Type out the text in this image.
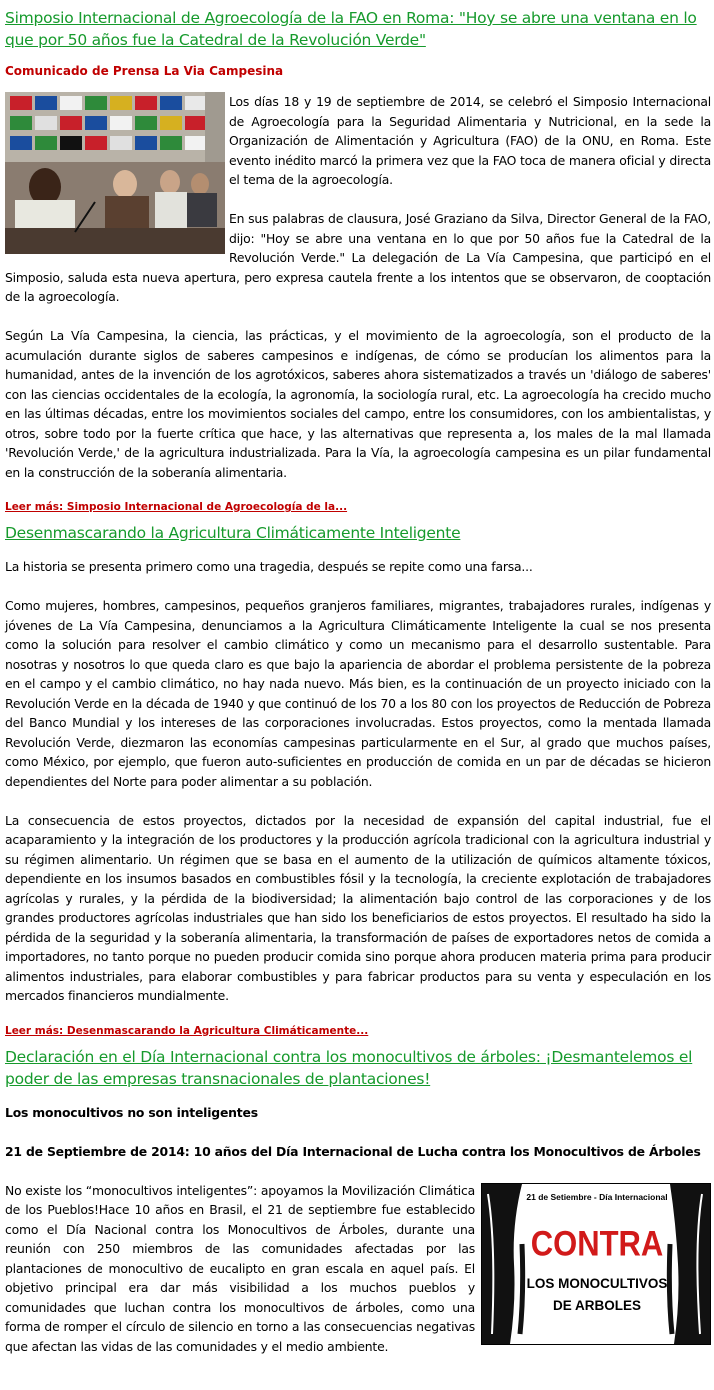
Simposio Internacional de Agroecología de la FAO en Roma: "Hoy se abre una ventana en lo que por 50 años fue la Catedral de la Revolución Verde"
Comunicado de Prensa La Via Campesina

Los días 18 y 19 de septiembre de 2014, se celebró el Simposio Internacional de Agroecología para la Seguridad Alimentaria y Nutricional, en la sede la Organización de Alimentación y Agricultura (FAO) de la ONU, en Roma. Este evento inédito marcó la primera vez que la FAO toca de manera oficial y directa el tema de la agroecología.

En sus palabras de clausura, José Graziano da Silva, Director General de la FAO, dijo: "Hoy se abre una ventana en lo que por 50 años fue la Catedral de la Revolución Verde." La delegación de La Vía Campesina, que participó en el Simposio, saluda esta nueva apertura, pero expresa cautela frente a los intentos que se observaron, de cooptación de la agroecología.

Según La Vía Campesina, la ciencia, las prácticas, y el movimiento de la agroecología, son el producto de la acumulación durante siglos de saberes campesinos e indígenas, de cómo se producían los alimentos para la humanidad, antes de la invención de los agrotóxicos, saberes ahora sistematizados a través un 'diálogo de saberes' con las ciencias occidentales de la ecología, la agronomía, la sociología rural, etc. La agroecología ha crecido mucho en las últimas décadas, entre los movimientos sociales del campo, entre los consumidores, con los ambientalistas, y otros, sobre todo por la fuerte crítica que hace, y las alternativas que representa a, los males de la mal llamada 'Revolución Verde,' de la agricultura industrializada. Para la Vía, la agroecología campesina es un pilar fundamental en la construcción de la soberanía alimentaria.

Leer más: Simposio Internacional de Agroecología de la...
Desenmascarando la Agricultura Climáticamente Inteligente

La historia se presenta primero como una tragedia, después se repite como una farsa...

Como mujeres, hombres, campesinos, pequeños granjeros familiares, migrantes, trabajadores rurales, indígenas y jóvenes de La Vía Campesina, denunciamos a la Agricultura Climáticamente Inteligente la cual se nos presenta como la solución para resolver el cambio climático y como un mecanismo para el desarrollo sustentable. Para nosotras y nosotros lo que queda claro es que bajo la apariencia de abordar el problema persistente de la pobreza en el campo y el cambio climático, no hay nada nuevo. Más bien, es la continuación de un proyecto iniciado con la Revolución Verde en la década de 1940 y que continuó de los 70 a los 80 con los proyectos de Reducción de Pobreza del Banco Mundial y los intereses de las corporaciones involucradas. Estos proyectos, como la mentada llamada Revolución Verde, diezmaron las economías campesinas particularmente en el Sur, al grado que muchos países, como México, por ejemplo, que fueron auto-suficientes en producción de comida en un par de décadas se hicieron dependientes del Norte para poder alimentar a su población.

La consecuencia de estos proyectos, dictados por la necesidad de expansión del capital industrial, fue el acaparamiento y la integración de los productores y la producción agrícola tradicional con la agricultura industrial y su régimen alimentario. Un régimen que se basa en el aumento de la utilización de químicos altamente tóxicos, dependiente en los insumos basados en combustibles fósil y la tecnología, la creciente explotación de trabajadores agrícolas y rurales, y la pérdida de la biodiversidad; la alimentación bajo control de las corporaciones y de los grandes productores agrícolas industriales que han sido los beneficiarios de estos proyectos. El resultado ha sido la pérdida de la seguridad y la soberanía alimentaria, la transformación de países de exportadores netos de comida a importadores, no tanto porque no pueden producir comida sino porque ahora producen materia prima para producir alimentos industriales, para elaborar combustibles y para fabricar productos para su venta y especulación en los mercados financieros mundialmente.

Leer más: Desenmascarando la Agricultura Climáticamente...
Declaración en el Día Internacional contra los monocultivos de árboles: ¡Desmantelemos el poder de las empresas transnacionales de plantaciones!
Los monocultivos no son inteligentes
21 de Septiembre de 2014: 10 años del Día Internacional de Lucha contra los Monocultivos de Árboles
21 de Setiembre - Día Internacional
CONTRA
LOS MONOCULTIVOS
DE ARBOLES

No existe los “monocultivos inteligentes”: apoyamos la Movilización Climática de los Pueblos!Hace 10 años en Brasil, el 21 de septiembre fue establecido como el Día Nacional contra los Monocultivos de Árboles, durante una reunión con 250 miembros de las comunidades afectadas por las plantaciones de monocultivo de eucalipto en gran escala en aquel país. El objetivo principal era dar más visibilidad a los muchos pueblos y comunidades que luchan contra los monocultivos de árboles, como una forma de romper el círculo de silencio en torno a las consecuencias negativas que afectan las vidas de las comunidades y el medio ambiente.
